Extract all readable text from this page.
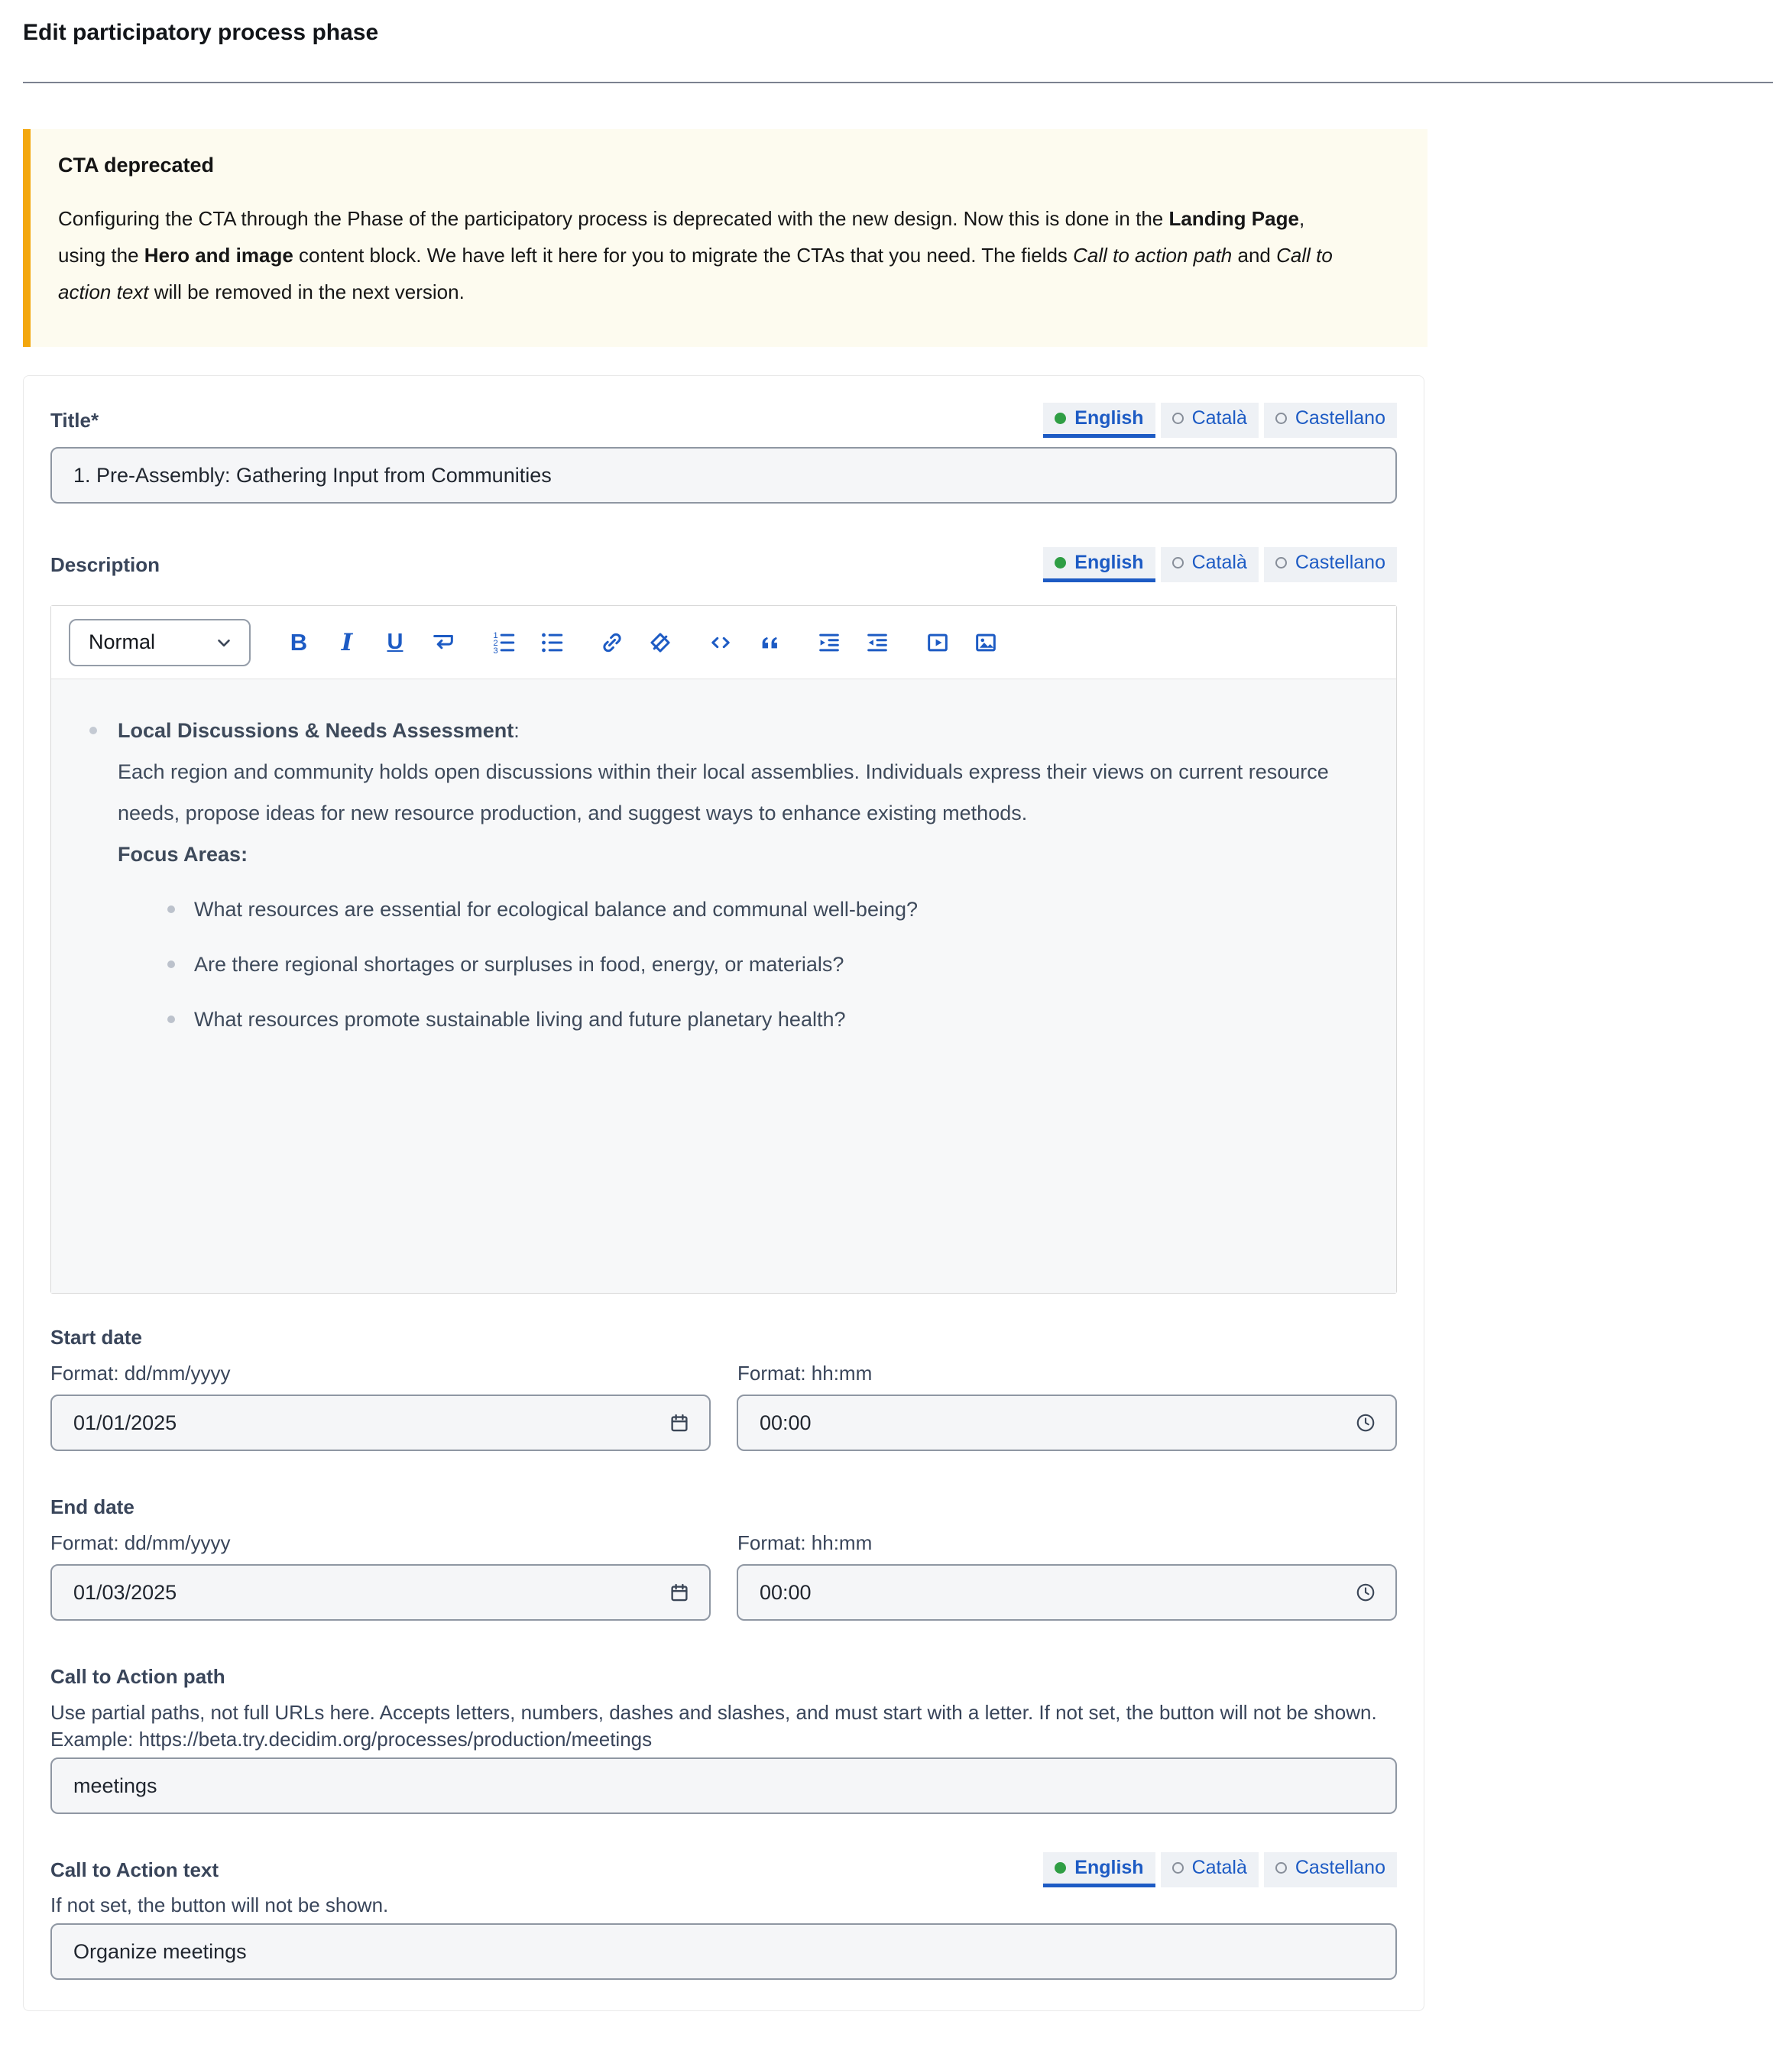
Edit participatory process phase
CTA deprecated

Configuring the CTA through the Phase of the participatory process is deprecated with the new design. Now this is done in the Landing Page, using the Hero and image content block. We have left it here for you to migrate the CTAs that you need. The fields Call to action path and Call to action text will be removed in the next version.

Title*	English	Català	Castellano
1. Pre-Assembly: Gathering Input from Communities
Description	English	Català	Castellano
Normal	B I U	1
2
3

Local Discussions & Needs Assessment:

Each region and community holds open discussions within their local assemblies. Individuals express their views on current resource needs, propose ideas for new resource production, and suggest ways to enhance existing methods.

Focus Areas:

What resources are essential for ecological balance and communal well-being?
Are there regional shortages or surpluses in food, energy, or materials?
What resources promote sustainable living and future planetary health?
Start date
Format: dd/mm/yyyy	Format: hh:mm
01/01/2025
00:00
End date
Format: dd/mm/yyyy	Format: hh:mm
01/03/2025
00:00
Call to Action path
Use partial paths, not full URLs here. Accepts letters, numbers, dashes and slashes, and must start with a letter. If not set, the button will not be shown.
Example: https://beta.try.decidim.org/processes/production/meetings
meetings
Call to Action text	English	Català	Castellano
If not set, the button will not be shown.
Organize meetings
